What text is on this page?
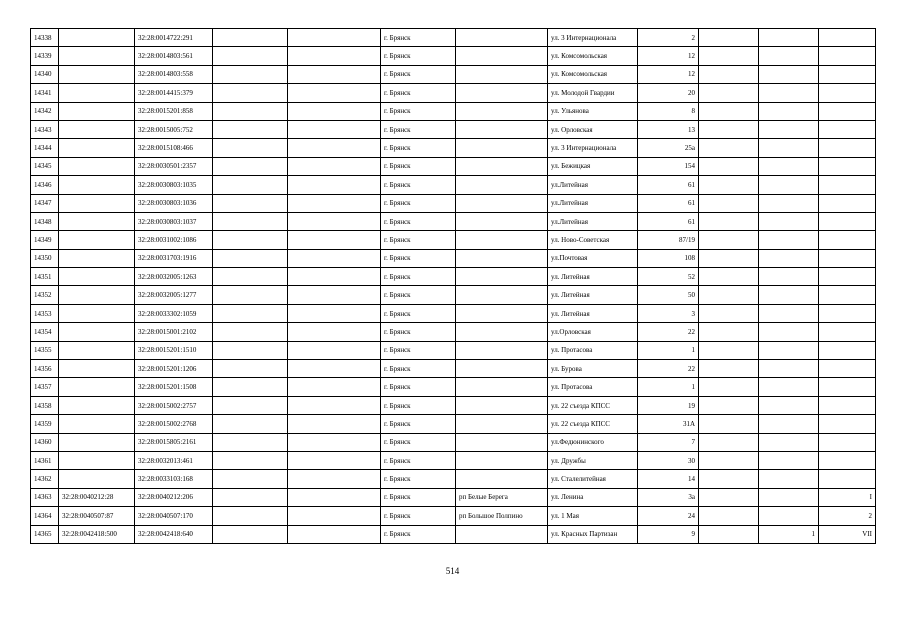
14338		32:28:0014722:291			г. Брянск		ул. 3 Интернационала	2			
14339		32:28:0014803:561			г. Брянск		ул. Комсомольская	12			
14340		32:28:0014803:558			г. Брянск		ул. Комсомольская	12			
14341		32:28:0014415:379			г. Брянск		ул. Молодой Гвардии	20			
14342		32:28:0015201:858			г. Брянск		ул. Ульянова	8			
14343		32:28:0015005:752			г. Брянск		ул. Орловская	13			
14344		32:28:0015108:466			г. Брянск		ул. 3 Интернационала	25а			
14345		32:28:0030501:2357			г. Брянск		ул. Бежицкая	154			
14346		32:28:0030803:1035			г. Брянск		ул.Литейная	61			
14347		32:28:0030803:1036			г. Брянск		ул.Литейная	61			
14348		32:28:0030803:1037			г. Брянск		ул.Литейная	61			
14349		32:28:0031002:1086			г. Брянск		ул. Ново-Советская	87/19			
14350		32:28:0031703:1916			г. Брянск		ул.Почтовая	108			
14351		32:28:0032005:1263			г. Брянск		ул. Литейная	52			
14352		32:28:0032005:1277			г. Брянск		ул. Литейная	50			
14353		32:28:0033302:1059			г. Брянск		ул. Литейная	3			
14354		32:28:0015001:2102			г. Брянск		ул.Орловская	22			
14355		32:28:0015201:1510			г. Брянск		ул. Протасова	1			
14356		32:28:0015201:1206			г. Брянск		ул. Бурова	22			
14357		32:28:0015201:1508			г. Брянск		ул. Протасова	1			
14358		32:28:0015002:2757			г. Брянск		ул. 22 съезда КПСС	19			
14359		32:28:0015002:2768			г. Брянск		ул. 22 съезда КПСС	31А			
14360		32:28:0015805:2161			г. Брянск		ул.Федюнинского	7			
14361		32:28:0032013:461			г. Брянск		ул. Дружбы	30			
14362		32:28:0033103:168			г. Брянск		ул. Сталелитейная	14			
14363	32:28:0040212:28	32:28:0040212:206			г. Брянск	рп Белые Берега	ул. Ленина	3а			I
14364	32:28:0040507:87	32:28:0040507:170			г. Брянск	рп Большое Полпино	ул. 1 Мая	24			2
14365	32:28:0042418:500	32:28:0042418:640			г. Брянск		ул. Красных Партизан	9		1	VII
514
